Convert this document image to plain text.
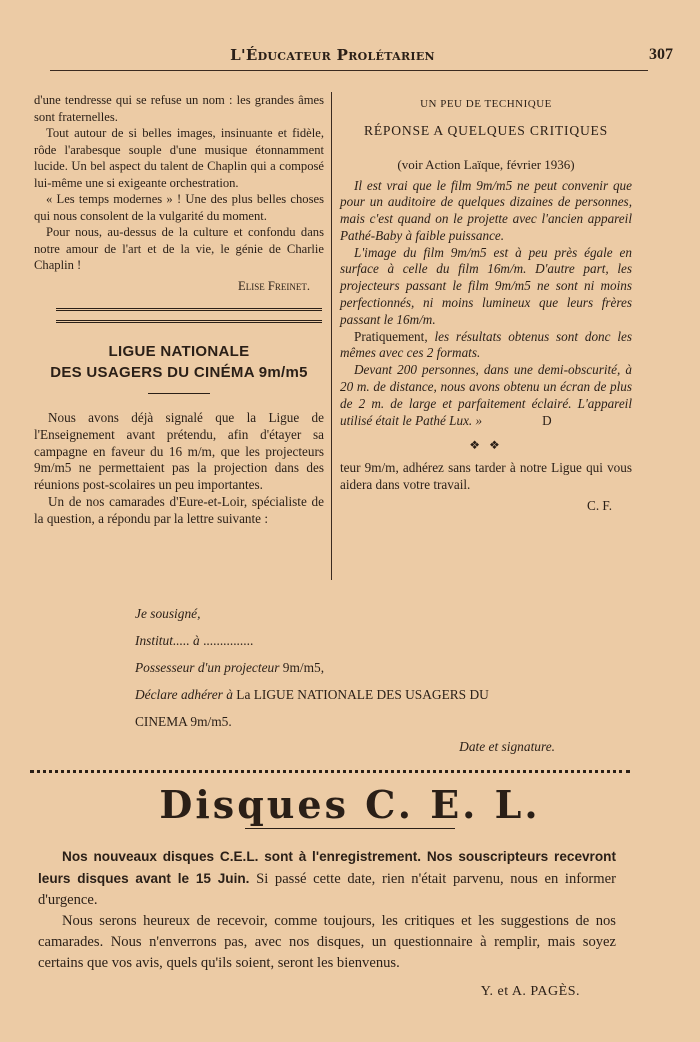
L'Éducateur Prolétarien	307

d'une tendresse qui se refuse un nom : les grandes âmes sont fraternelles.

Tout autour de si belles images, insinuante et fidèle, rôde l'arabesque souple d'une musique étonnamment lucide. Un bel aspect du talent de Chaplin qui a composé lui-même une si exigeante orchestration.

« Les temps modernes » ! Une des plus belles choses qui nous consolent de la vulgarité du moment.

Pour nous, au-dessus de la culture et confondu dans notre amour de l'art et de la vie, le génie de Charlie Chaplin !

Elise Freinet.

LIGUE NATIONALE
DES USAGERS DU CINÉMA 9m/m5

Nous avons déjà signalé que la Ligue de l'Enseignement avant prétendu, afin d'étayer sa campagne en faveur du 16 m/m, que les projecteurs 9m/m5 ne permettaient pas la projection dans des réunions post-scolaires un peu importantes.

Un de nos camarades d'Eure-et-Loir, spécialiste de la question, a répondu par la lettre suivante :

UN PEU DE TECHNIQUE
RÉPONSE A QUELQUES CRITIQUES
(voir Action Laïque, février 1936)

Il est vrai que le film 9m/m5 ne peut convenir que pour un auditoire de quelques dizaines de personnes, mais c'est quand on le projette avec l'ancien appareil Pathé-Baby à faible puissance.

L'image du film 9m/m5 est à peu près égale en surface à celle du film 16m/m. D'autre part, les projecteurs passant le film 9m/m5 ne sont ni moins perfectionnés, ni moins lumineux que leurs frères passant le 16m/m.

Pratiquement, les résultats obtenus sont donc les mêmes avec ces 2 formats.

Devant 200 personnes, dans une demi-obscurité, à 20 m. de distance, nous avons obtenu un écran de plus de 2 m. de large et parfaitement éclairé. L'appareil utilisé était le Pathé Lux. »	D

❖ ❖

teur 9m/m, adhérez sans tarder à notre Ligue qui vous aidera dans votre travail.

C. F.

Je sousigné,
Institut..... à ...............
Possesseur d'un projecteur 9m/m5,
Déclare adhérer à La LIGUE NATIONALE DES USAGERS DU
CINEMA 9m/m5.
Date et signature.
Disques C. E. L.

Nos nouveaux disques C.E.L. sont à l'enregistrement. Nos souscripteurs recevront leurs disques avant le 15 Juin. Si passé cette date, rien n'était parvenu, nous en informer d'urgence.

Nous serons heureux de recevoir, comme toujours, les critiques et les suggestions de nos camarades. Nous n'enverrons pas, avec nos disques, un questionnaire à remplir, mais soyez certains que vos avis, quels qu'ils soient, seront les bienvenus.

Y. et A. PAGÈS.
